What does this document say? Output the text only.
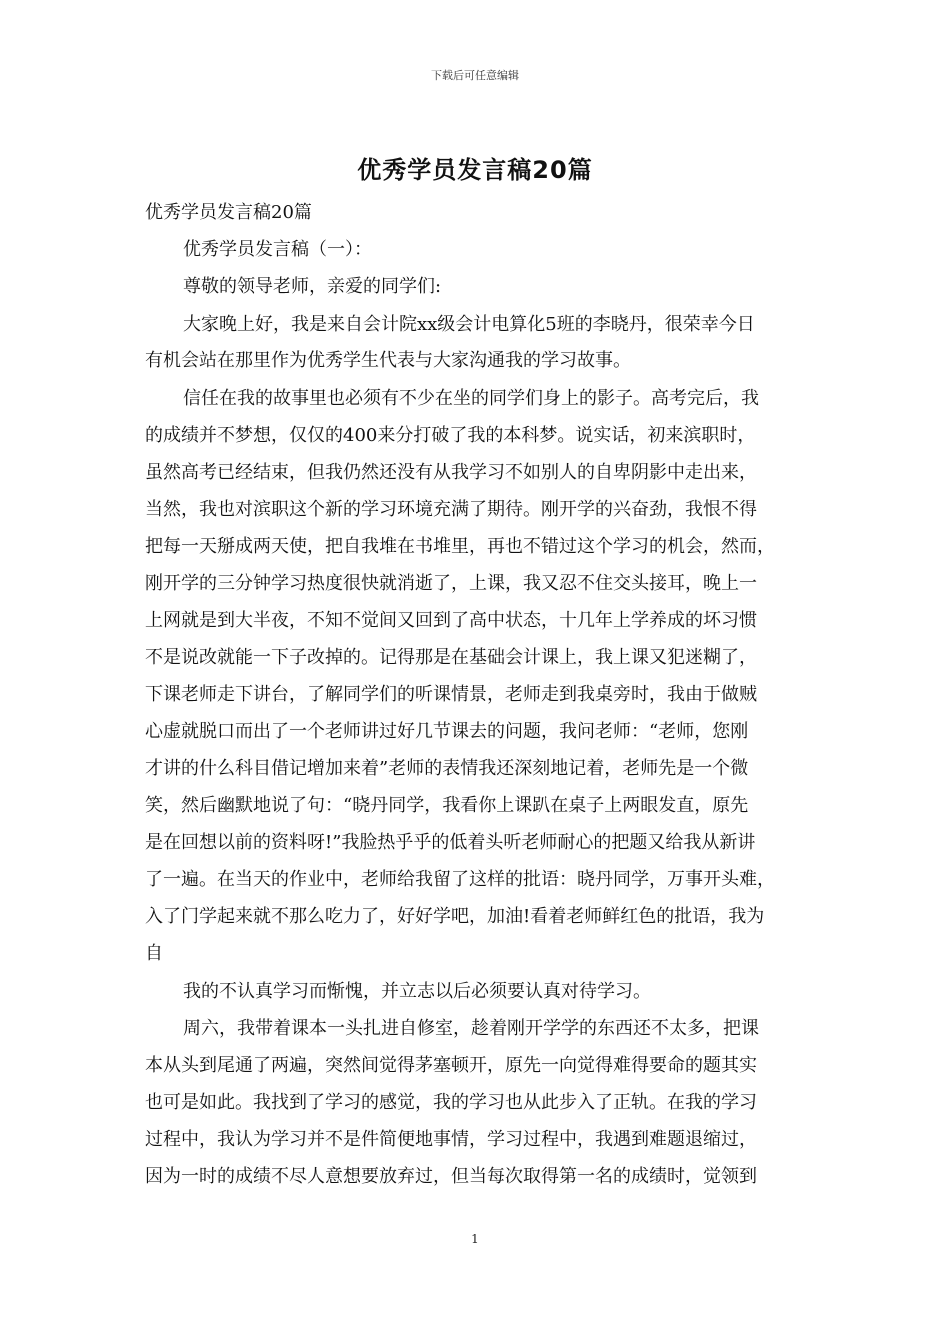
下载后可任意编辑
优秀学员发言稿20篇
优秀学员发言稿20篇
优秀学员发言稿（一）：
尊敬的领导老师，亲爱的同学们:
大家晚上好，我是来自会计院xx级会计电算化5班的李晓丹，很荣幸今日
有机会站在那里作为优秀学生代表与大家沟通我的学习故事。
信任在我的故事里也必须有不少在坐的同学们身上的影子。高考完后，我
的成绩并不梦想，仅仅的400来分打破了我的本科梦。说实话，初来滨职时，
虽然高考已经结束，但我仍然还没有从我学习不如别人的自卑阴影中走出来，
当然，我也对滨职这个新的学习环境充满了期待。刚开学的兴奋劲，我恨不得
把每一天掰成两天使，把自我堆在书堆里，再也不错过这个学习的机会，然而，
刚开学的三分钟学习热度很快就消逝了，上课，我又忍不住交头接耳，晚上一
上网就是到大半夜，不知不觉间又回到了高中状态，十几年上学养成的坏习惯
不是说改就能一下子改掉的。记得那是在基础会计课上，我上课又犯迷糊了，
下课老师走下讲台，了解同学们的听课情景，老师走到我桌旁时，我由于做贼
心虚就脱口而出了一个老师讲过好几节课去的问题，我问老师：“老师，您刚
才讲的什么科目借记增加来着”老师的表情我还深刻地记着，老师先是一个微
笑，然后幽默地说了句：“晓丹同学，我看你上课趴在桌子上两眼发直，原先
是在回想以前的资料呀!”我脸热乎乎的低着头听老师耐心的把题又给我从新讲
了一遍。在当天的作业中，老师给我留了这样的批语：晓丹同学，万事开头难，
入了门学起来就不那么吃力了，好好学吧，加油!看着老师鲜红色的批语，我为
自
我的不认真学习而惭愧，并立志以后必须要认真对待学习。
周六，我带着课本一头扎进自修室，趁着刚开学学的东西还不太多，把课
本从头到尾通了两遍，突然间觉得茅塞顿开，原先一向觉得难得要命的题其实
也可是如此。我找到了学习的感觉，我的学习也从此步入了正轨。在我的学习
过程中，我认为学习并不是件简便地事情，学习过程中，我遇到难题退缩过，
因为一时的成绩不尽人意想要放弃过，但当每次取得第一名的成绩时，觉领到
1
